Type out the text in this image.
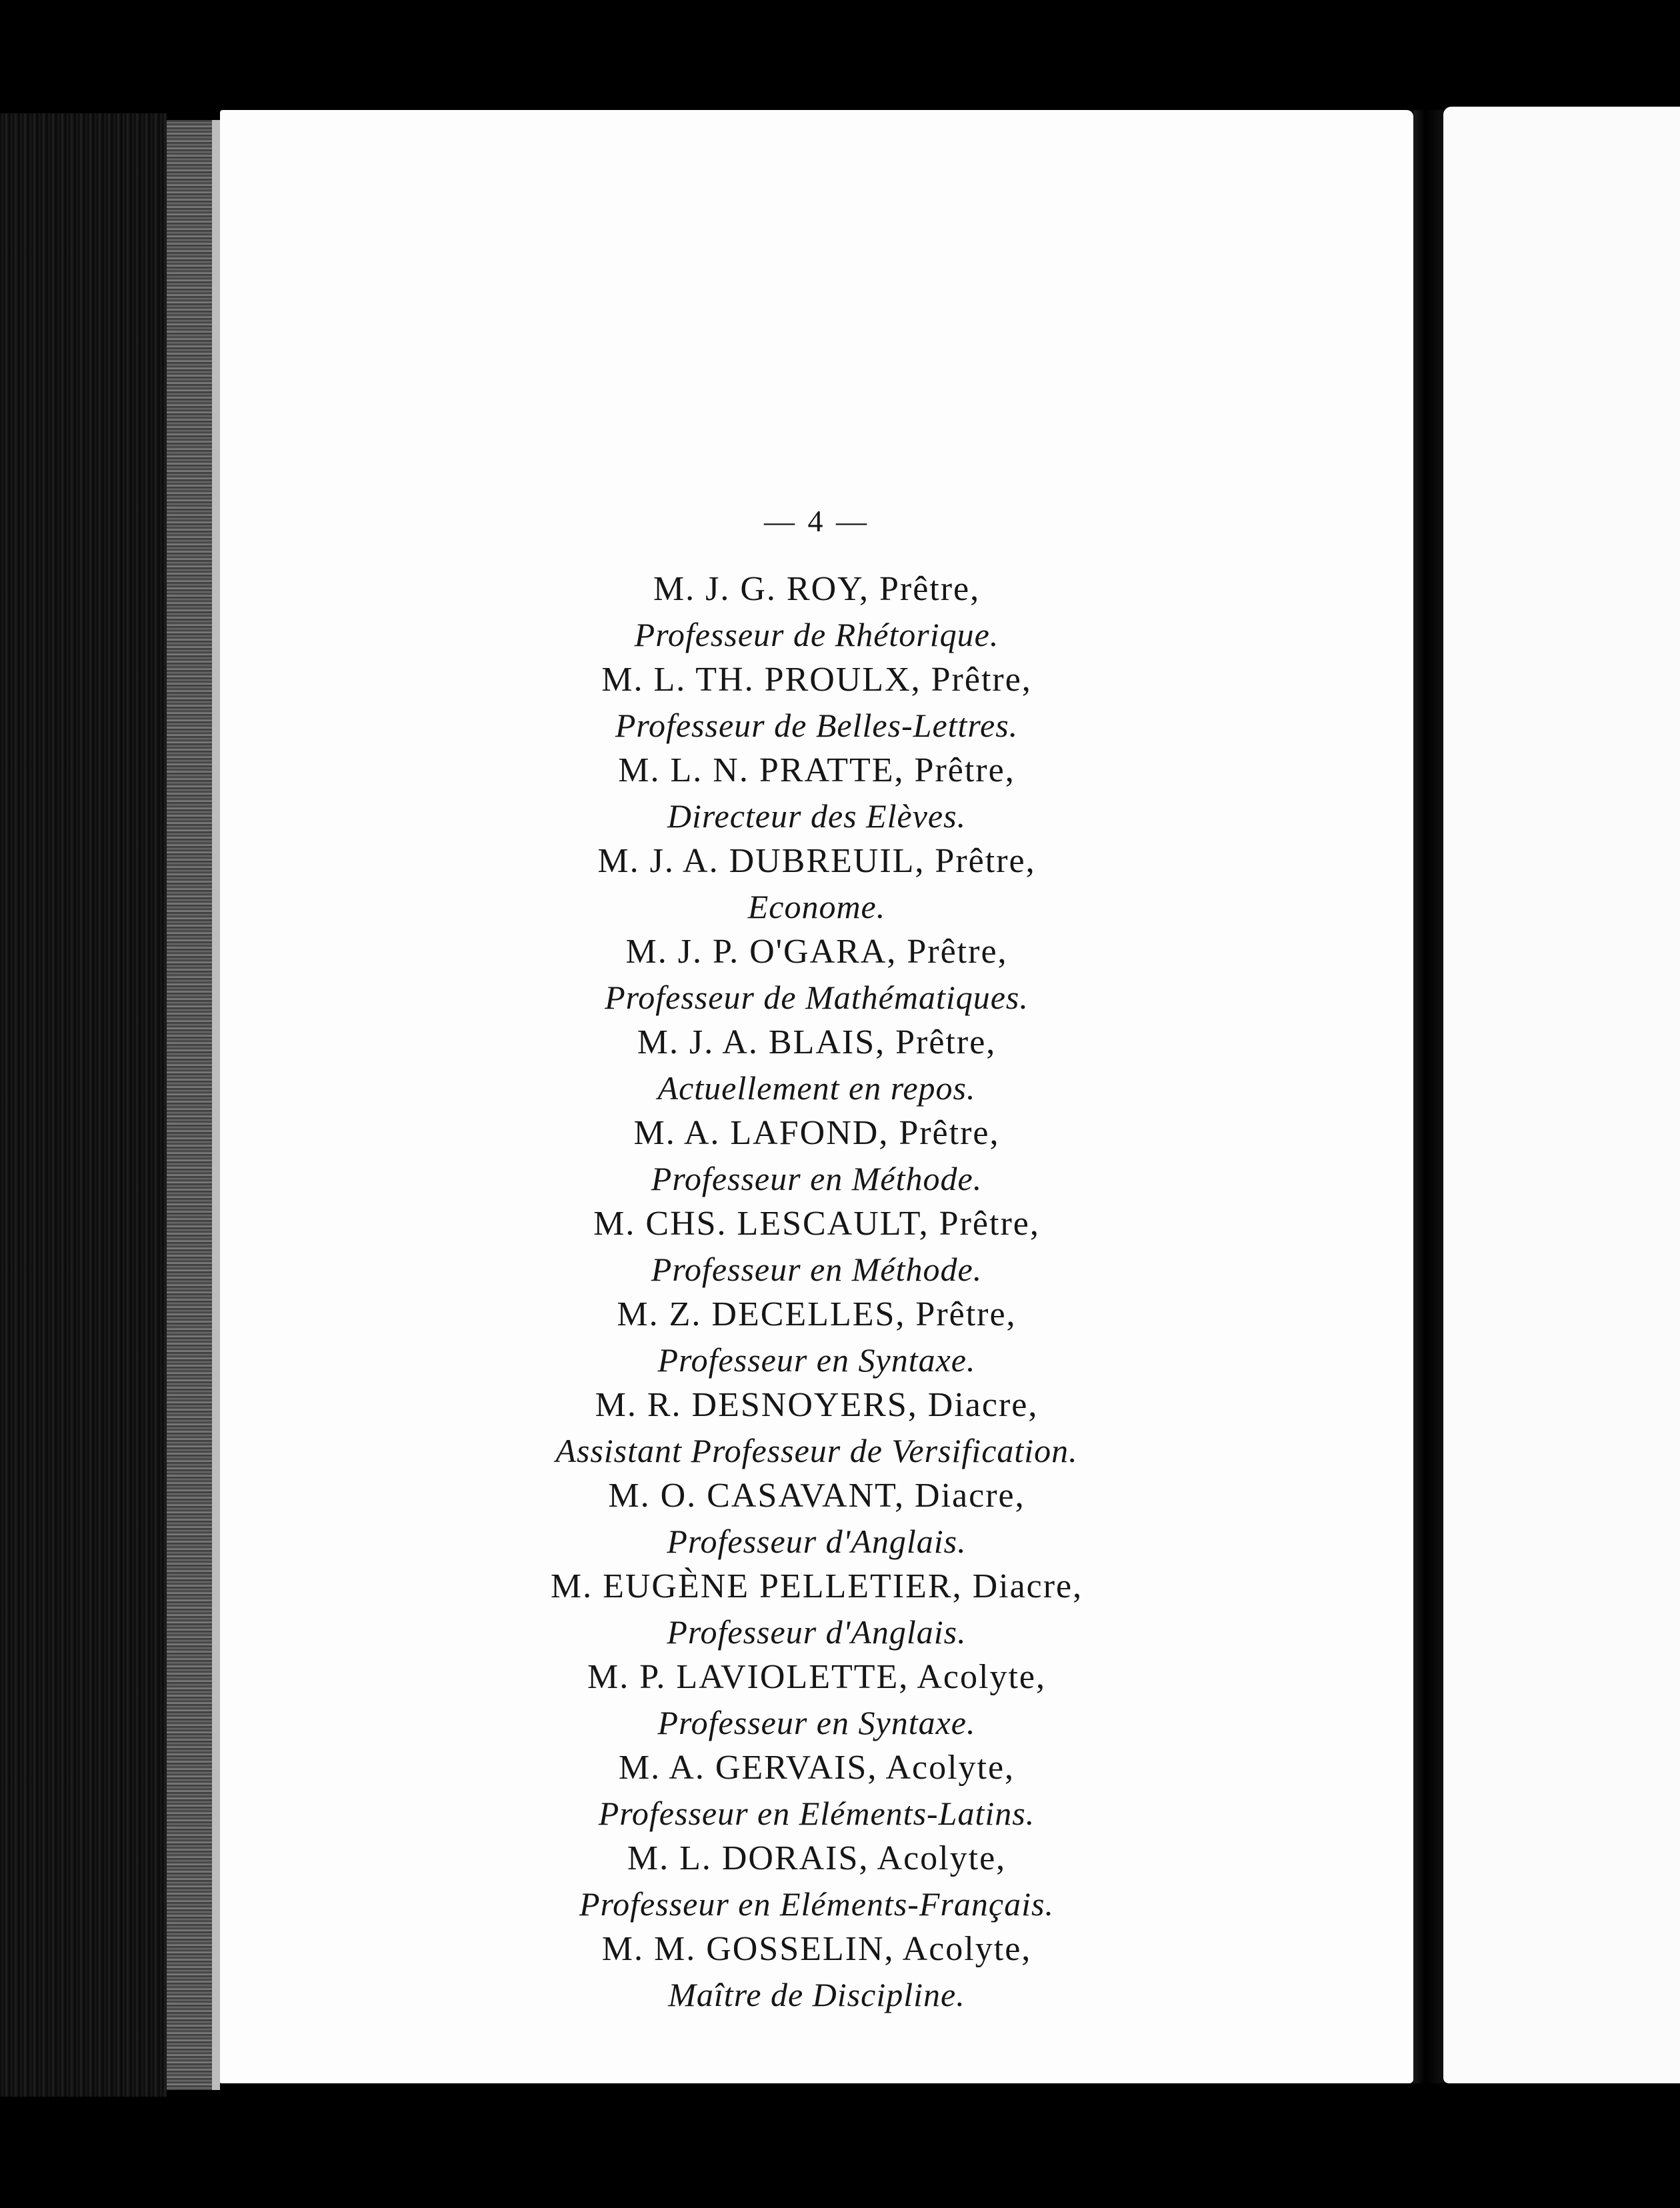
— 4 —
M. J. G. ROY, Prêtre,
Professeur de Rhétorique.
M. L. TH. PROULX, Prêtre,
Professeur de Belles-Lettres.
M. L. N. PRATTE, Prêtre,
Directeur des Elèves.
M. J. A. DUBREUIL, Prêtre,
Econome.
M. J. P. O'GARA, Prêtre,
Professeur de Mathématiques.
M. J. A. BLAIS, Prêtre,
Actuellement en repos.
M. A. LAFOND, Prêtre,
Professeur en Méthode.
M. CHS. LESCAULT, Prêtre,
Professeur en Méthode.
M. Z. DECELLES, Prêtre,
Professeur en Syntaxe.
M. R. DESNOYERS, Diacre,
Assistant Professeur de Versification.
M. O. CASAVANT, Diacre,
Professeur d'Anglais.
M. EUGÈNE PELLETIER, Diacre,
Professeur d'Anglais.
M. P. LAVIOLETTE, Acolyte,
Professeur en Syntaxe.
M. A. GERVAIS, Acolyte,
Professeur en Eléments-Latins.
M. L. DORAIS, Acolyte,
Professeur en Eléments-Français.
M. M. GOSSELIN, Acolyte,
Maître de Discipline.
